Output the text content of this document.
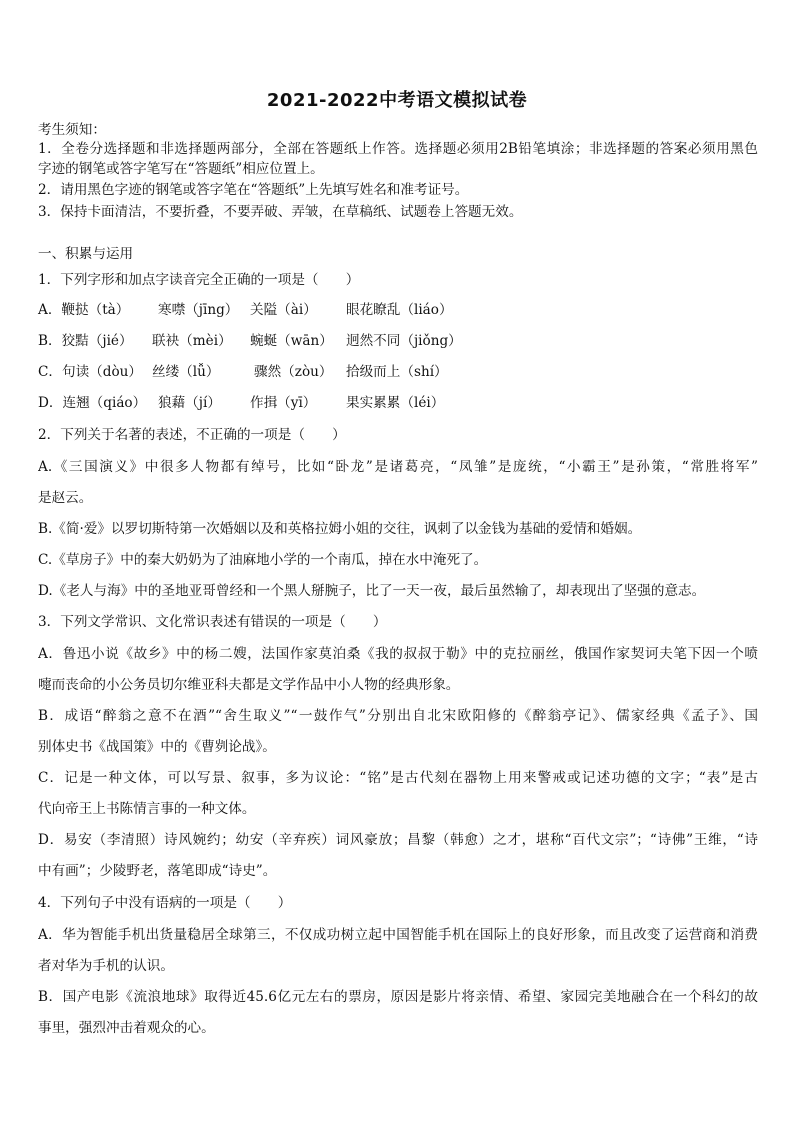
2021-2022中考语文模拟试卷
考生须知：
1．全卷分选择题和非选择题两部分，全部在答题纸上作答。选择题必须用2B铅笔填涂；非选择题的答案必须用黑色
字迹的钢笔或答字笔写在“答题纸”相应位置上。
2．请用黑色字迹的钢笔或答字笔在“答题纸”上先填写姓名和准考证号。
3．保持卡面清洁，不要折叠，不要弄破、弄皱，在草稿纸、试题卷上答题无效。
一、积累与运用
1．下列字形和加点字读音完全正确的一项是（　　）
A．鞭挞（tà） 寒噤（jīng） 关隘（ài） 眼花瞭乱（liáo）
B．狡黠（jié） 联袂（mèi） 蜿蜒（wān） 迥然不同（jiǒng）
C．句读（dòu） 丝缕（lǚ）	骤然（zòu） 拾级而上（shí）
D．连翘（qiáo） 狼藉（jí） 作揖（yī） 果实累累（léi）
2．下列关于名著的表述，不正确的一项是（　　）
A.《三国演义》中很多人物都有绰号，比如“卧龙”是诸葛亮，“凤雏”是庞统，“小霸王”是孙策，“常胜将军”
是赵云。
B.《简·爱》以罗切斯特第一次婚姻以及和英格拉姆小姐的交往，讽刺了以金钱为基础的爱情和婚姻。
C.《草房子》中的秦大奶奶为了油麻地小学的一个南瓜，掉在水中淹死了。
D.《老人与海》中的圣地亚哥曾经和一个黑人掰腕子，比了一天一夜，最后虽然输了，却表现出了坚强的意志。
3．下列文学常识、文化常识表述有错误的一项是（　　）
A．鲁迅小说《故乡》中的杨二嫂，法国作家莫泊桑《我的叔叔于勒》中的克拉丽丝，俄国作家契诃夫笔下因一个喷
嚏而丧命的小公务员切尔维亚科夫都是文学作品中小人物的经典形象。
B．成语“醉翁之意不在酒”“舍生取义”“一鼓作气”分别出自北宋欧阳修的《醉翁亭记》、儒家经典《孟子》、国
别体史书《战国策》中的《曹刿论战》。
C．记是一种文体，可以写景、叙事，多为议论：“铭”是古代刻在器物上用来警戒或记述功德的文字；“表”是古
代向帝王上书陈情言事的一种文体。
D．易安（李清照）诗风婉约；幼安（辛弃疾）词风豪放；昌黎（韩愈）之才，堪称“百代文宗”；“诗佛”王维，“诗
中有画”；少陵野老，落笔即成“诗史”。
4．下列句子中没有语病的一项是（　　）
A．华为智能手机出货量稳居全球第三，不仅成功树立起中国智能手机在国际上的良好形象，而且改变了运营商和消费
者对华为手机的认识。
B．国产电影《流浪地球》取得近45.6亿元左右的票房，原因是影片将亲情、希望、家园完美地融合在一个科幻的故
事里，强烈冲击着观众的心。
